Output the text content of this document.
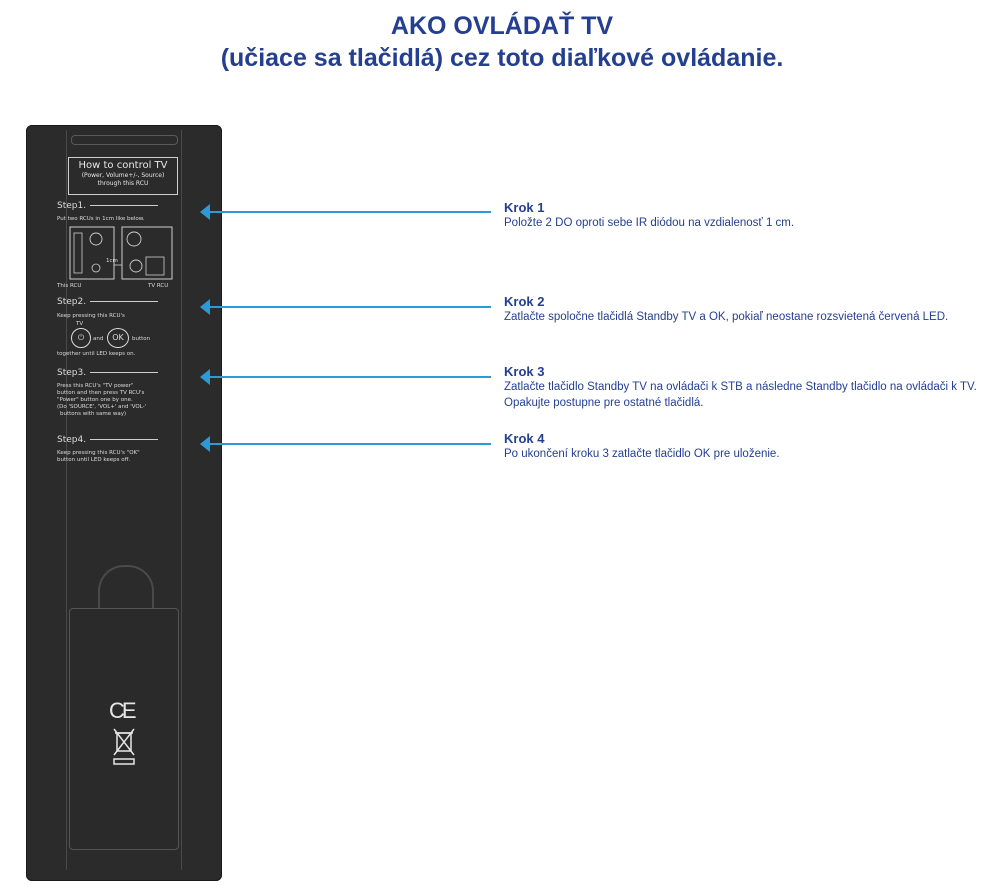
AKO OVLÁDAŤ TV
(učiace sa tlačidlá) cez toto diaľkové ovládanie.
How to control TV
(Power, Volume+/-, Source)
through this RCU
Step1.
Put two RCUs in 1cm like below.
1cm
This RCU	TV RCU
Step2.
Keep pressing this RCU's
TV
⏻	and	OK	button
together until LED keeps on.
Step3.
Press this RCU's "TV power"
button and then press TV RCU's
"Power" button one by one.
(Do 'SOURCE', 'VOL+' and 'VOL-'
buttons with same way)
Step4.
Keep pressing this RCU's "OK"
button until LED keeps off.
CE
Krok 1
Položte 2 DO oproti sebe IR diódou na vzdialenosť 1 cm.
Krok 2
Zatlačte spoločne tlačidlá Standby TV a OK, pokiaľ neostane rozsvietená červená LED.
Krok 3
Zatlačte tlačidlo Standby TV na ovládači k STB a následne Standby tlačidlo na ovládači k TV.
Opakujte postupne pre ostatné tlačidlá.
Krok 4
Po ukončení kroku 3 zatlačte tlačidlo OK pre uloženie.
